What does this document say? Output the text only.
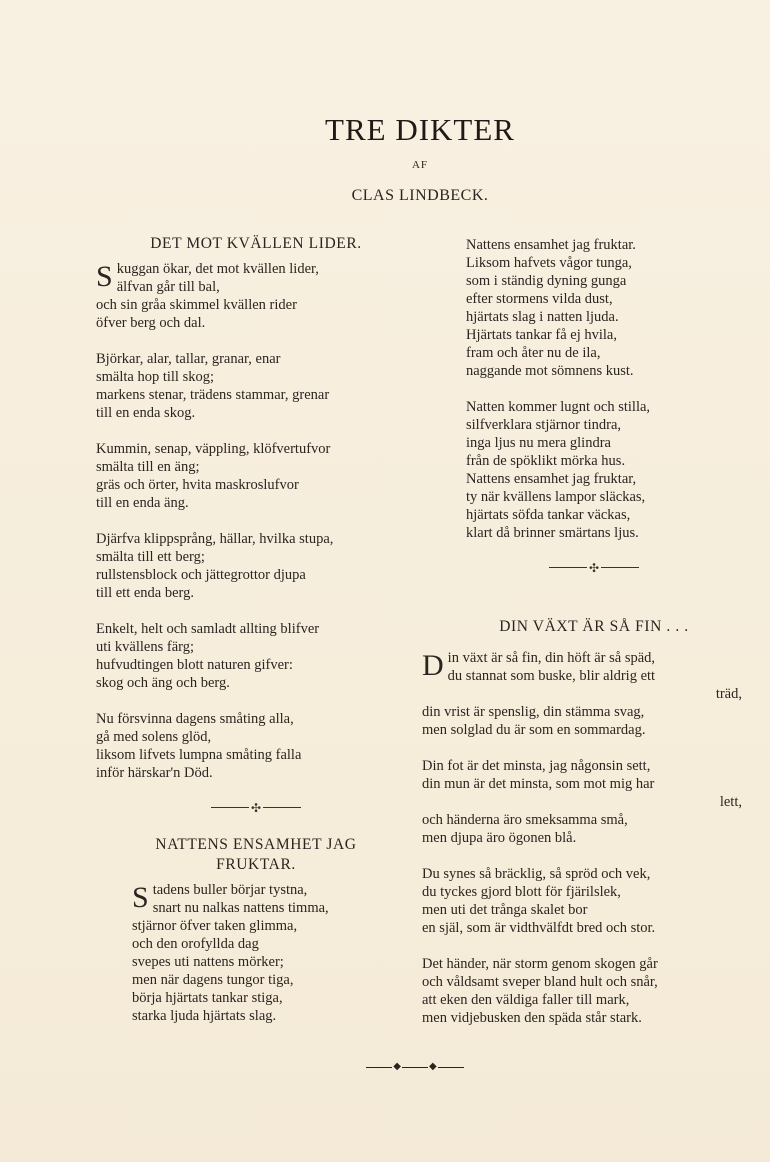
TRE DIKTER
AF
CLAS LINDBECK.
DET MOT KVÄLLEN LIDER.
S kuggan ökar, det mot kvällen lider,
älfvan går till bal,
och sin gråa skimmel kvällen rider
öfver berg och dal.
Björkar, alar, tallar, granar, enar
smälta hop till skog;
markens stenar, trädens stammar, grenar
till en enda skog.
Kummin, senap, väppling, klöfvertufvor
smälta till en äng;
gräs och örter, hvita maskroslufvor
till en enda äng.
Djärfva klippsprång, hällar, hvilka stupa,
smälta till ett berg;
rullstensblock och jättegrottor djupa
till ett enda berg.
Enkelt, helt och samladt allting blifver
uti kvällens färg;
hufvudtingen blott naturen gifver:
skog och äng och berg.
Nu försvinna dagens småting alla,
gå med solens glöd,
liksom lifvets lumpna småting falla
inför härskar'n Död.
✣
NATTENS ENSAMHET JAG
FRUKTAR.
S tadens buller börjar tystna,
snart nu nalkas nattens timma,
stjärnor öfver taken glimma,
och den orofyllda dag
svepes uti nattens mörker;
men när dagens tungor tiga,
börja hjärtats tankar stiga,
starka ljuda hjärtats slag.
Nattens ensamhet jag fruktar.
Liksom hafvets vågor tunga,
som i ständig dyning gunga
efter stormens vilda dust,
hjärtats slag i natten ljuda.
Hjärtats tankar få ej hvila,
fram och åter nu de ila,
naggande mot sömnens kust.
Natten kommer lugnt och stilla,
silfverklara stjärnor tindra,
inga ljus nu mera glindra
från de spöklikt mörka hus.
Nattens ensamhet jag fruktar,
ty när kvällens lampor släckas,
hjärtats söfda tankar väckas,
klart då brinner smärtans ljus.
✣
DIN VÄXT ÄR SÅ FIN . . .
D in växt är så fin, din höft är så späd,
du stannat som buske, blir aldrig ett
träd,
din vrist är spenslig, din stämma svag,
men solglad du är som en sommardag.
Din fot är det minsta, jag någonsin sett,
din mun är det minsta, som mot mig har
lett,
och händerna äro smeksamma små,
men djupa äro ögonen blå.
Du synes så bräcklig, så spröd och vek,
du tyckes gjord blott för fjärilslek,
men uti det trånga skalet bor
en själ, som är vidthvälfdt bred och stor.
Det händer, när storm genom skogen går
och våldsamt sveper bland hult och snår,
att eken den väldiga faller till mark,
men vidjebusken den späda står stark.
◆	◆
